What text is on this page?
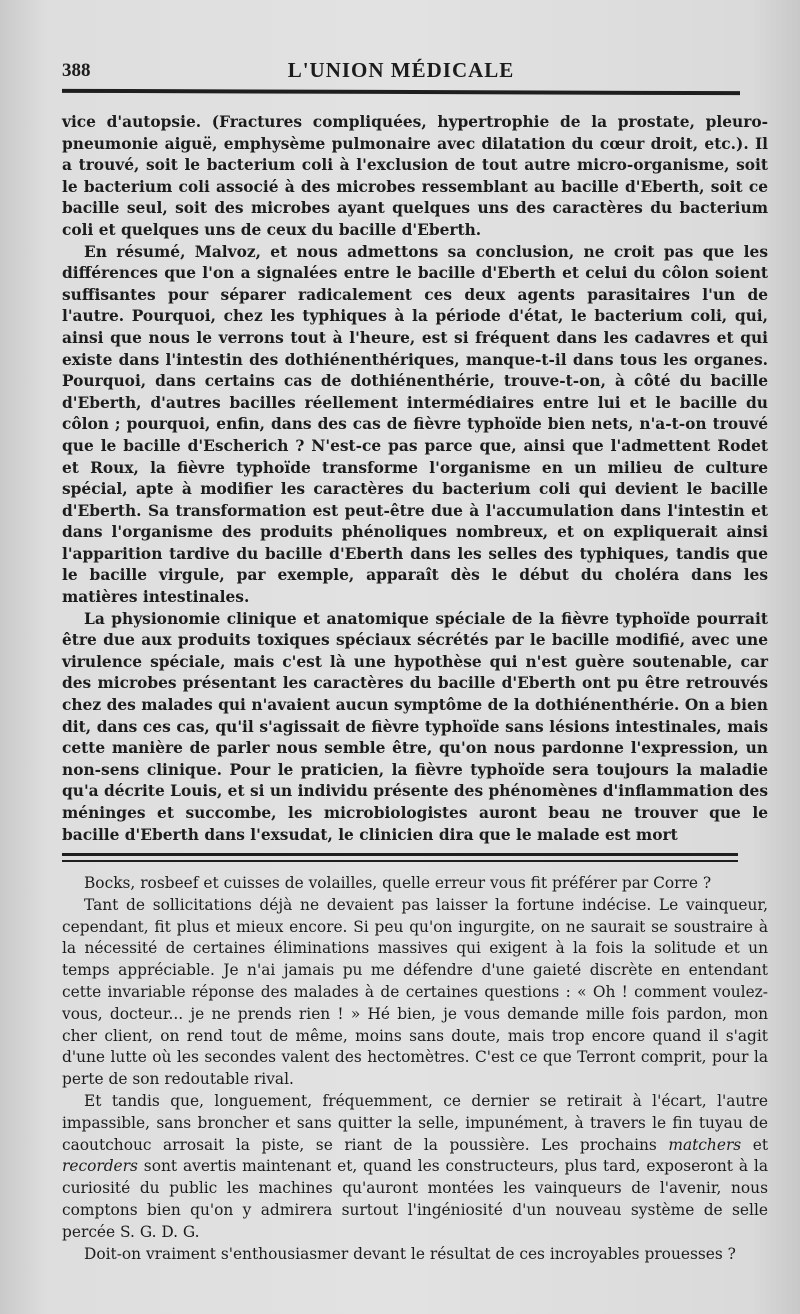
388	L'UNION MÉDICALE

vice d'autopsie. (Fractures compliquées, hypertrophie de la prostate, pleuro-pneumonie aiguë, emphysème pulmonaire avec dilatation du cœur droit, etc.). Il a trouvé, soit le bacterium coli à l'exclusion de tout autre micro-organisme, soit le bacterium coli associé à des microbes ressemblant au bacille d'Eberth, soit ce bacille seul, soit des microbes ayant quelques uns des caractères du bacterium coli et quelques uns de ceux du bacille d'Eberth.

En résumé, Malvoz, et nous admettons sa conclusion, ne croit pas que les différences que l'on a signalées entre le bacille d'Eberth et celui du côlon soient suffisantes pour séparer radicalement ces deux agents parasitaires l'un de l'autre. Pourquoi, chez les typhiques à la période d'état, le bacterium coli, qui, ainsi que nous le verrons tout à l'heure, est si fréquent dans les cadavres et qui existe dans l'intestin des dothiénenthériques, manque-t-il dans tous les organes. Pourquoi, dans certains cas de dothiénenthérie, trouve-t-on, à côté du bacille d'Eberth, d'autres bacilles réellement intermédiaires entre lui et le bacille du côlon ; pourquoi, enfin, dans des cas de fièvre typhoïde bien nets, n'a-t-on trouvé que le bacille d'Escherich ? N'est-ce pas parce que, ainsi que l'admettent Rodet et Roux, la fièvre typhoïde transforme l'organisme en un milieu de culture spécial, apte à modifier les caractères du bacterium coli qui devient le bacille d'Eberth. Sa transformation est peut-être due à l'accumulation dans l'intestin et dans l'organisme des produits phénoliques nombreux, et on expliquerait ainsi l'apparition tardive du bacille d'Eberth dans les selles des typhiques, tandis que le bacille virgule, par exemple, apparaît dès le début du choléra dans les matières intestinales.

La physionomie clinique et anatomique spéciale de la fièvre typhoïde pourrait être due aux produits toxiques spéciaux sécrétés par le bacille modifié, avec une virulence spéciale, mais c'est là une hypothèse qui n'est guère soutenable, car des microbes présentant les caractères du bacille d'Eberth ont pu être retrouvés chez des malades qui n'avaient aucun symptôme de la dothiénenthérie. On a bien dit, dans ces cas, qu'il s'agissait de fièvre typhoïde sans lésions intestinales, mais cette manière de parler nous semble être, qu'on nous pardonne l'expression, un non-sens clinique. Pour le praticien, la fièvre typhoïde sera toujours la maladie qu'a décrite Louis, et si un individu présente des phénomènes d'inflammation des méninges et succombe, les microbiologistes auront beau ne trouver que le bacille d'Eberth dans l'exsudat, le clinicien dira que le malade est mort

Bocks, rosbeef et cuisses de volailles, quelle erreur vous fit préférer par Corre ?

Tant de sollicitations déjà ne devaient pas laisser la fortune indécise. Le vainqueur, cependant, fit plus et mieux encore. Si peu qu'on ingurgite, on ne saurait se soustraire à la nécessité de certaines éliminations massives qui exigent à la fois la solitude et un temps appréciable. Je n'ai jamais pu me défendre d'une gaieté discrète en entendant cette invariable réponse des malades à de certaines questions : « Oh ! comment voulez-vous, docteur... je ne prends rien ! » Hé bien, je vous demande mille fois pardon, mon cher client, on rend tout de même, moins sans doute, mais trop encore quand il s'agit d'une lutte où les secondes valent des hectomètres. C'est ce que Terront comprit, pour la perte de son redoutable rival.

Et tandis que, longuement, fréquemment, ce dernier se retirait à l'écart, l'autre impassible, sans broncher et sans quitter la selle, impunément, à travers le fin tuyau de caoutchouc arrosait la piste, se riant de la poussière. Les prochains matchers et recorders sont avertis maintenant et, quand les constructeurs, plus tard, exposeront à la curiosité du public les machines qu'auront montées les vainqueurs de l'avenir, nous comptons bien qu'on y admirera surtout l'ingéniosité d'un nouveau système de selle percée S. G. D. G.

Doit-on vraiment s'enthousiasmer devant le résultat de ces incroyables prouesses ?
